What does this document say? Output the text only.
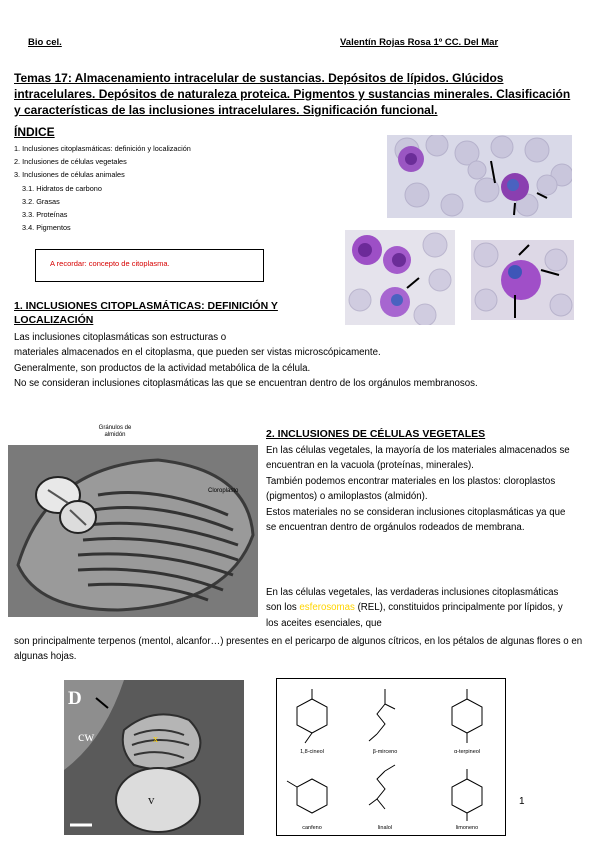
Bio cel.	Valentín Rojas Rosa 1º CC. Del Mar
Temas 17: Almacenamiento intracelular de sustancias. Depósitos de lípidos. Glúcidos intracelulares. Depósitos de naturaleza proteica. Pigmentos y sustancias minerales. Clasificación y características de las inclusiones intracelulares. Significación funcional.
ÍNDICE
1. Inclusiones citoplasmáticas: definición y localización
2. Inclusiones de células vegetales
3. Inclusiones de células animales
3.1. Hidratos de carbono
3.2. Grasas
3.3. Proteínas
3.4. Pigmentos
A recordar: concepto de citoplasma.
1. INCLUSIONES CITOPLASMÁTICAS: DEFINICIÓN Y LOCALIZACIÓN
Las inclusiones citoplasmáticas son estructuras o
materiales almacenados en el citoplasma, que pueden ser vistas microscópicamente.
Generalmente, son productos de la actividad metabólica de la célula.
No se consideran inclusiones citoplasmáticas las que se encuentran dentro de los orgánulos membranosos.
Gránulos de almidón
Cloroplasto
2. INCLUSIONES DE CÉLULAS VEGETALES
En las células vegetales, la mayoría de los materiales almacenados se encuentran en la vacuola (proteínas, minerales).
También podemos encontrar materiales en los plastos: cloroplastos (pigmentos) o amiloplastos (almidón).
Estos materiales no se consideran inclusiones citoplasmáticas ya que se encuentran dentro de orgánulos rodeados de membrana.
En las células vegetales, las verdaderas inclusiones citoplasmáticas son los esferosomas (REL), constituidos principalmente por lípidos, y los aceites esenciales, que
son principalmente terpenos (mentol, alcanfor…) presentes en el pericarpo de algunos cítricos, en los pétalos de algunas flores o en algunas hojas.
D
cw	x
v
1,8-cineol	β-mirceno	α-terpineol
canfeno	linalol	limoneno
1
